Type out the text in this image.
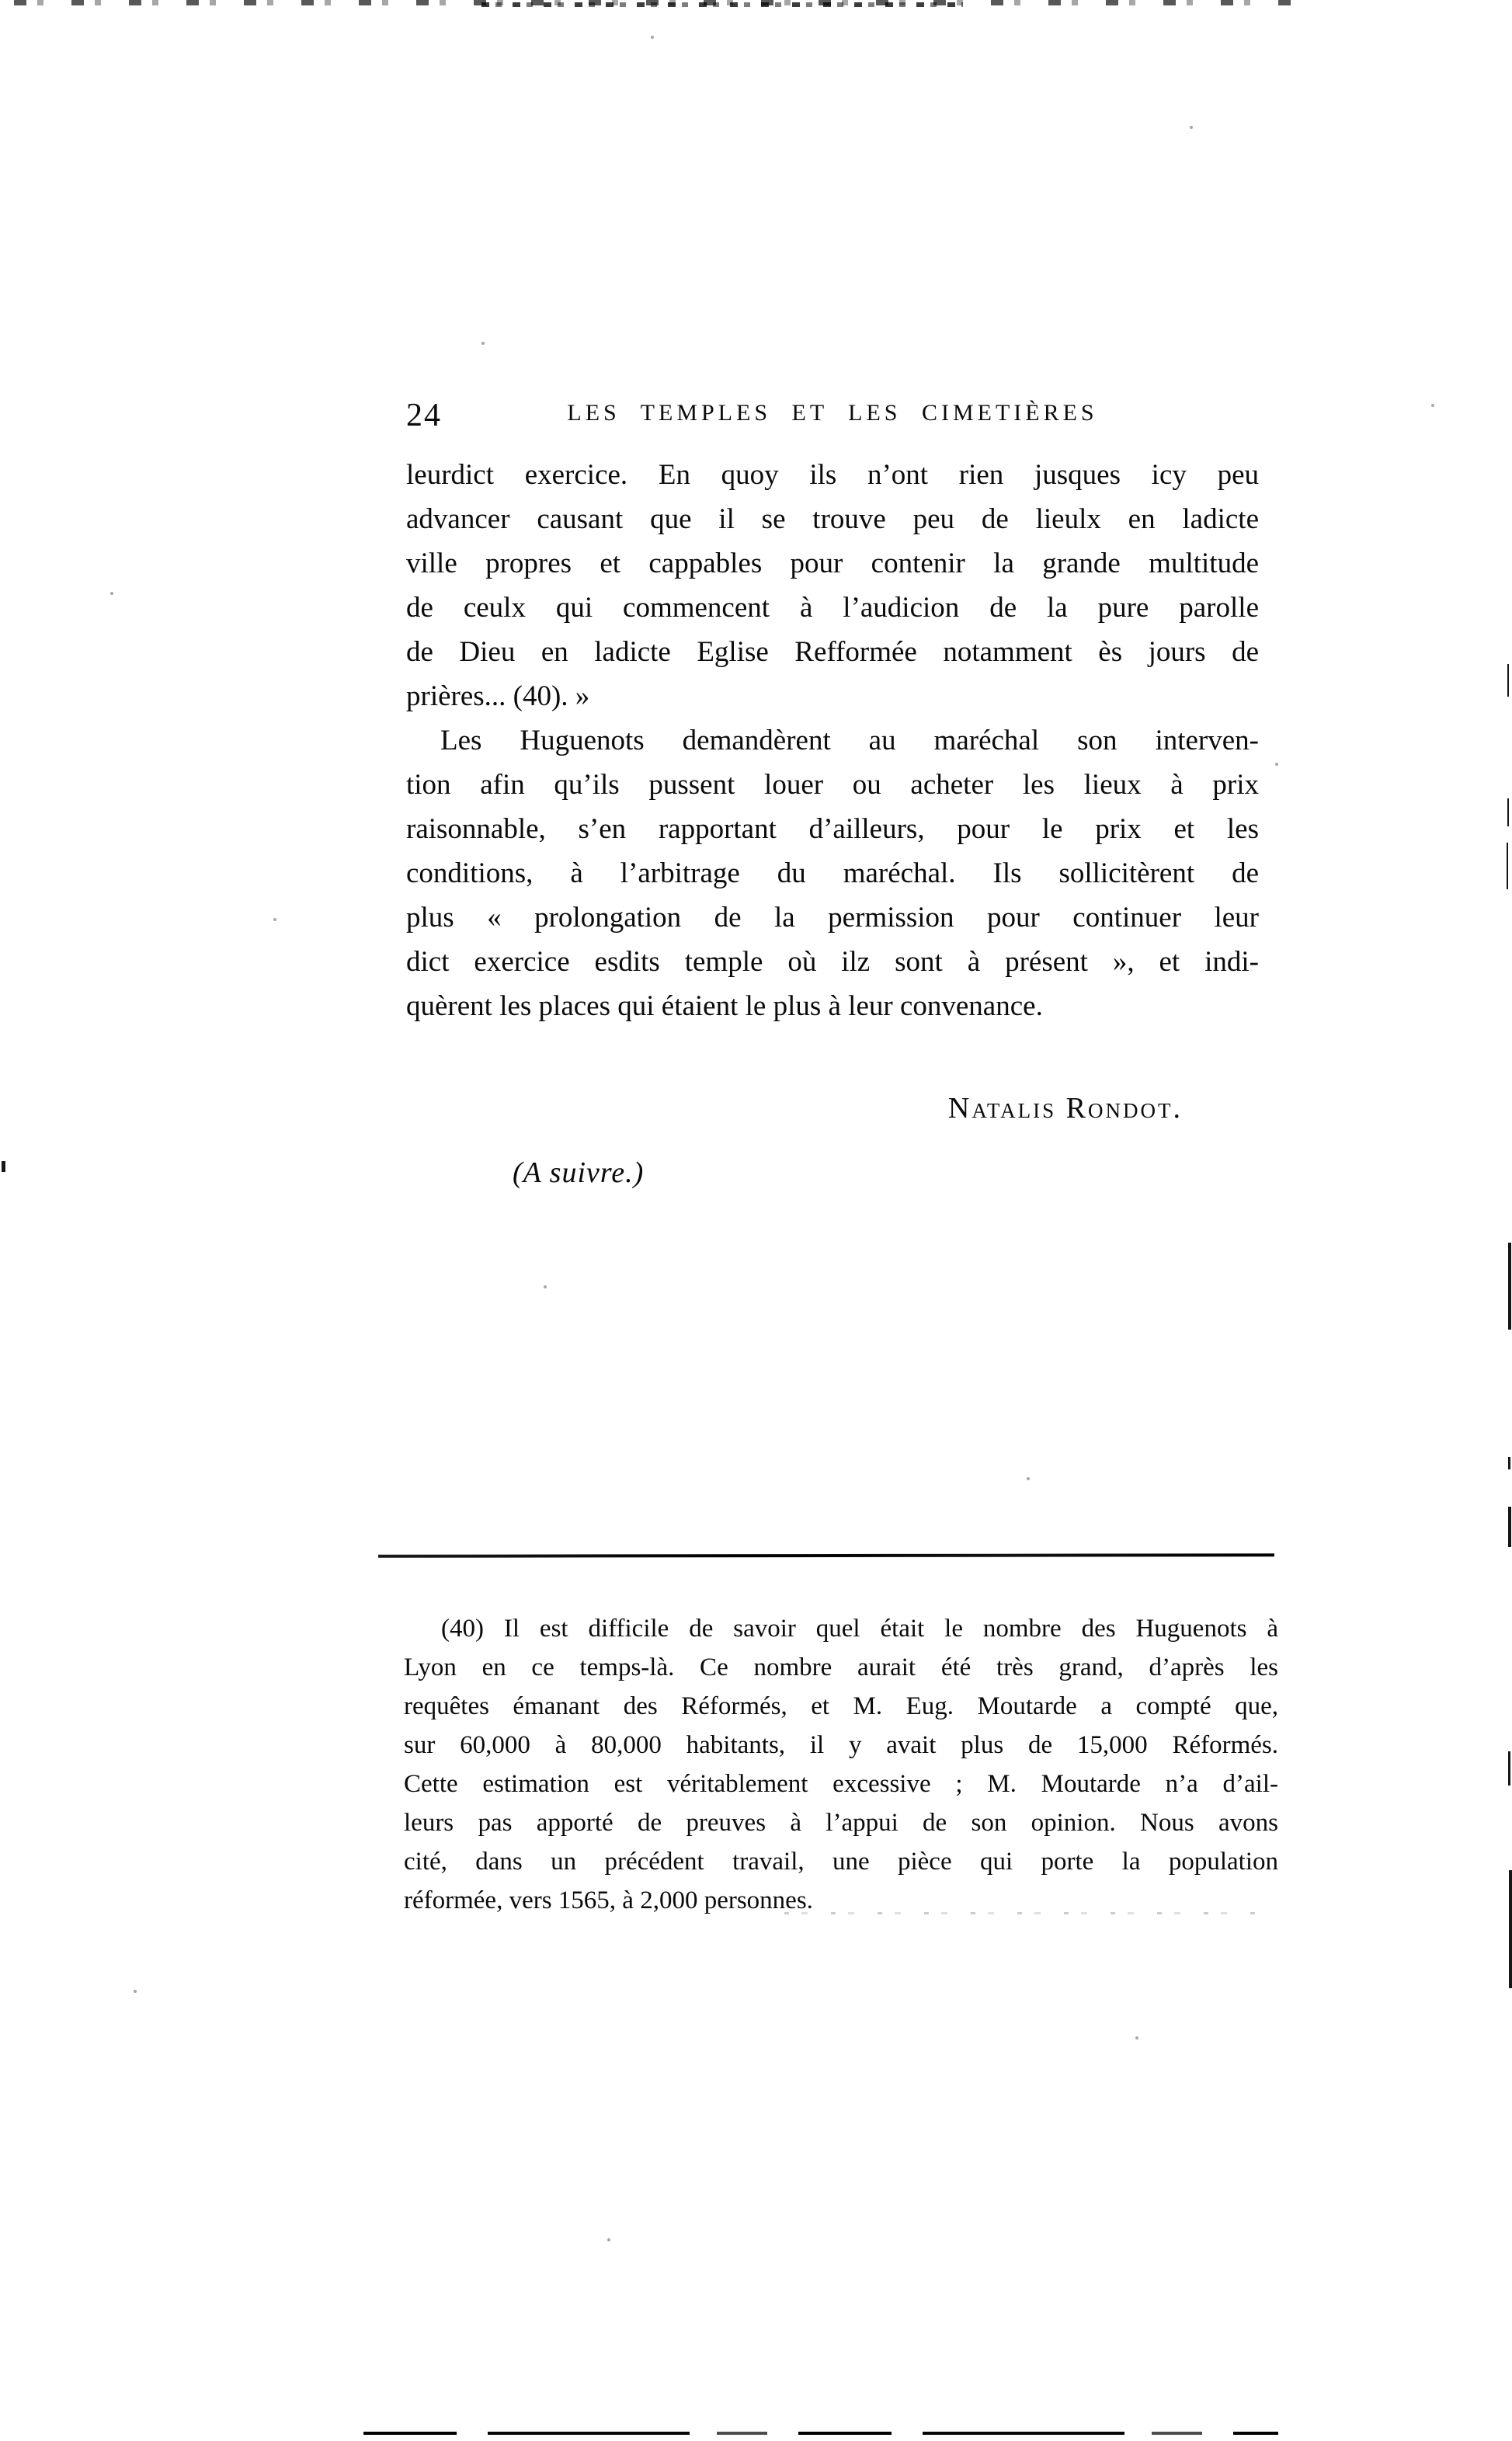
24	LES TEMPLES ET LES CIMETIÈRES
leurdict exercice. En quoy ils n’ont rien jusques icy peu
advancer causant que il se trouve peu de lieulx en ladicte
ville propres et cappables pour contenir la grande multitude
de ceulx qui commencent à l’audicion de la pure parolle
de Dieu en ladicte Eglise Refformée notamment ès jours de
prières... (40). »
Les Huguenots demandèrent au maréchal son interven-
tion afin qu’ils pussent louer ou acheter les lieux à prix
raisonnable, s’en rapportant d’ailleurs, pour le prix et les
conditions, à l’arbitrage du maréchal. Ils sollicitèrent de
plus « prolongation de la permission pour continuer leur
dict exercice esdits temple où ilz sont à présent », et indi-
quèrent les places qui étaient le plus à leur convenance.
Natalis Rondot.
(A suivre.)
(40) Il est difficile de savoir quel était le nombre des Huguenots à
Lyon en ce temps-là. Ce nombre aurait été très grand, d’après les
requêtes émanant des Réformés, et M. Eug. Moutarde a compté que,
sur 60,000 à 80,000 habitants, il y avait plus de 15,000 Réformés.
Cette estimation est véritablement excessive ; M. Moutarde n’a d’ail-
leurs pas apporté de preuves à l’appui de son opinion. Nous avons
cité, dans un précédent travail, une pièce qui porte la population
réformée, vers 1565, à 2,000 personnes.
